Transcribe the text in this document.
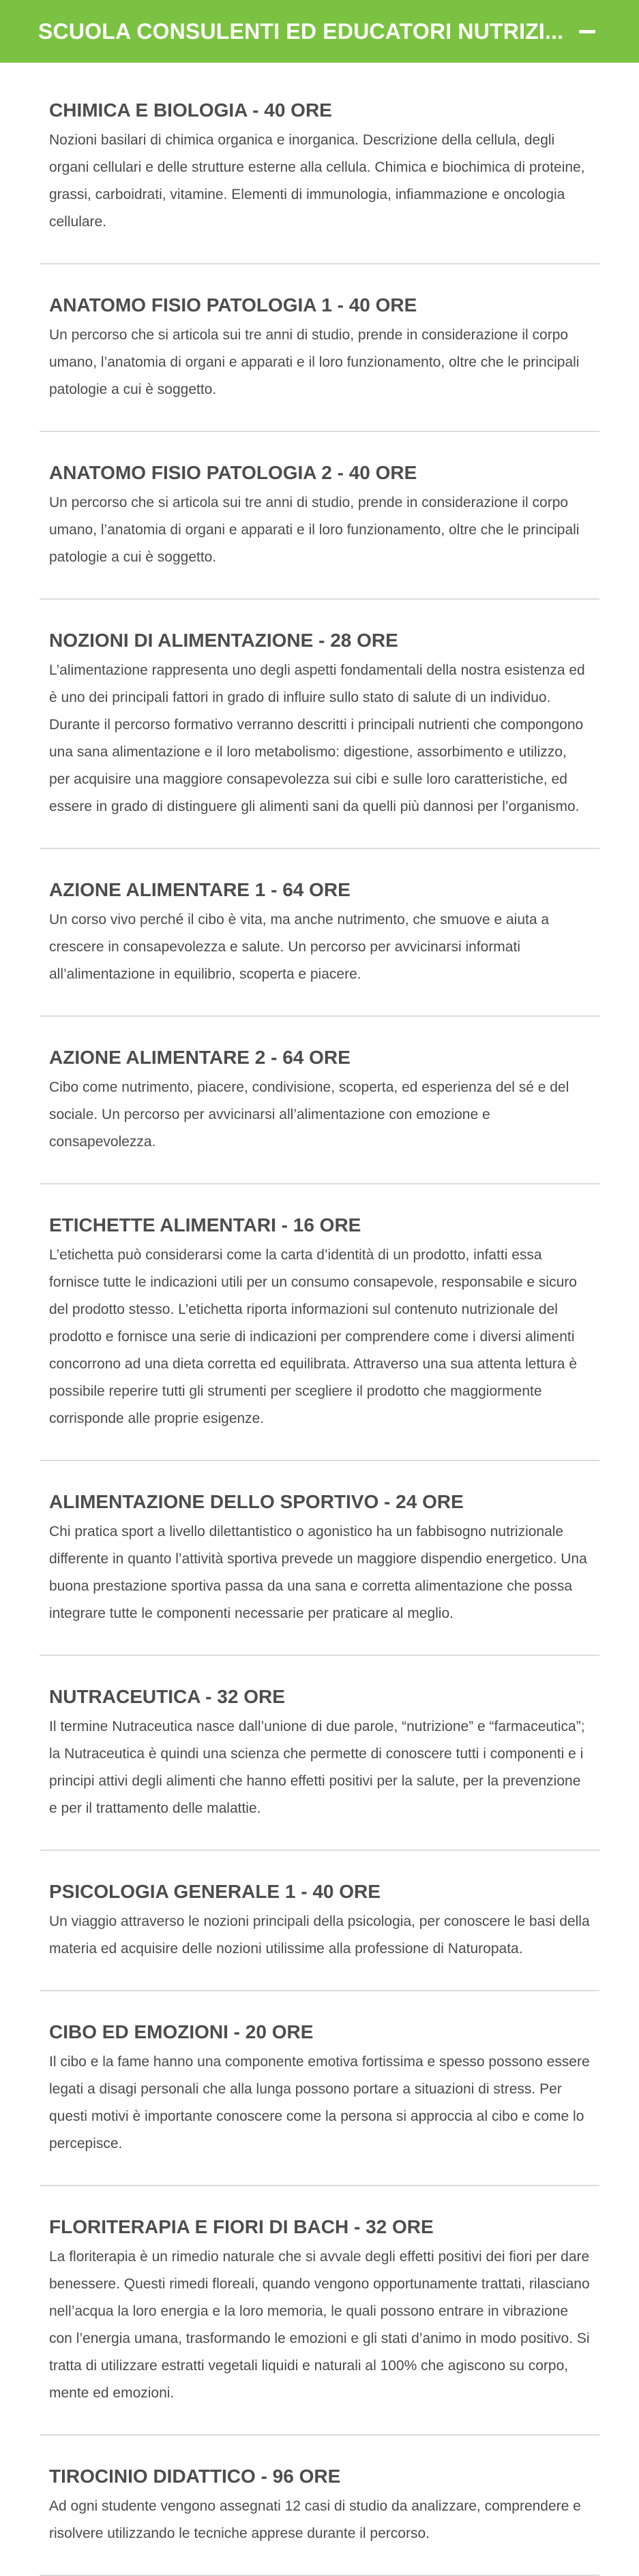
SCUOLA CONSULENTI ED EDUCATORI NUTRIZI...
CHIMICA E BIOLOGIA - 40 ORE

Nozioni basilari di chimica organica e inorganica. Descrizione della cellula, degli organi cellulari e delle strutture esterne alla cellula. Chimica e biochimica di proteine, grassi, carboidrati, vitamine. Elementi di immunologia, infiammazione e oncologia cellulare.

ANATOMO FISIO PATOLOGIA 1 - 40 ORE

Un percorso che si articola sui tre anni di studio, prende in considerazione il corpo umano, l’anatomia di organi e apparati e il loro funzionamento, oltre che le principali patologie a cui è soggetto.

ANATOMO FISIO PATOLOGIA 2 - 40 ORE

Un percorso che si articola sui tre anni di studio, prende in considerazione il corpo umano, l’anatomia di organi e apparati e il loro funzionamento, oltre che le principali patologie a cui è soggetto.

NOZIONI DI ALIMENTAZIONE - 28 ORE

L’alimentazione rappresenta uno degli aspetti fondamentali della nostra esistenza ed è uno dei principali fattori in grado di influire sullo stato di salute di un individuo. Durante il percorso formativo verranno descritti i principali nutrienti che compongono una sana alimentazione e il loro metabolismo: digestione, assorbimento e utilizzo, per acquisire una maggiore consapevolezza sui cibi e sulle loro caratteristiche, ed essere in grado di distinguere gli alimenti sani da quelli più dannosi per l’organismo.

AZIONE ALIMENTARE 1 - 64 ORE

Un corso vivo perché il cibo è vita, ma anche nutrimento, che smuove e aiuta a crescere in consapevolezza e salute. Un percorso per avvicinarsi informati all’alimentazione in equilibrio, scoperta e piacere.

AZIONE ALIMENTARE 2 - 64 ORE

Cibo come nutrimento, piacere, condivisione, scoperta, ed esperienza del sé e del sociale. Un percorso per avvicinarsi all’alimentazione con emozione e consapevolezza.

ETICHETTE ALIMENTARI - 16 ORE

L’etichetta può considerarsi come la carta d’identità di un prodotto, infatti essa fornisce tutte le indicazioni utili per un consumo consapevole, responsabile e sicuro del prodotto stesso. L’etichetta riporta informazioni sul contenuto nutrizionale del prodotto e fornisce una serie di indicazioni per comprendere come i diversi alimenti concorrono ad una dieta corretta ed equilibrata. Attraverso una sua attenta lettura è possibile reperire tutti gli strumenti per scegliere il prodotto che maggiormente corrisponde alle proprie esigenze.

ALIMENTAZIONE DELLO SPORTIVO - 24 ORE

Chi pratica sport a livello dilettantistico o agonistico ha un fabbisogno nutrizionale differente in quanto l’attività sportiva prevede un maggiore dispendio energetico. Una buona prestazione sportiva passa da una sana e corretta alimentazione che possa integrare tutte le componenti necessarie per praticare al meglio.

NUTRACEUTICA - 32 ORE

Il termine Nutraceutica nasce dall’unione di due parole, “nutrizione” e “farmaceutica”; la Nutraceutica è quindi una scienza che permette di conoscere tutti i componenti e i principi attivi degli alimenti che hanno effetti positivi per la salute, per la prevenzione e per il trattamento delle malattie.

PSICOLOGIA GENERALE 1 - 40 ORE

Un viaggio attraverso le nozioni principali della psicologia, per conoscere le basi della materia ed acquisire delle nozioni utilissime alla professione di Naturopata.

CIBO ED EMOZIONI - 20 ORE

Il cibo e la fame hanno una componente emotiva fortissima e spesso possono essere legati a disagi personali che alla lunga possono portare a situazioni di stress. Per questi motivi è importante conoscere come la persona si approccia al cibo e come lo percepisce.

FLORITERAPIA E FIORI DI BACH - 32 ORE

La floriterapia è un rimedio naturale che si avvale degli effetti positivi dei fiori per dare benessere. Questi rimedi floreali, quando vengono opportunamente trattati, rilasciano nell’acqua la loro energia e la loro memoria, le quali possono entrare in vibrazione con l’energia umana, trasformando le emozioni e gli stati d’animo in modo positivo. Si tratta di utilizzare estratti vegetali liquidi e naturali al 100% che agiscono su corpo, mente ed emozioni.

TIROCINIO DIDATTICO - 96 ORE

Ad ogni studente vengono assegnati 12 casi di studio da analizzare, comprendere e risolvere utilizzando le tecniche apprese durante il percorso.
